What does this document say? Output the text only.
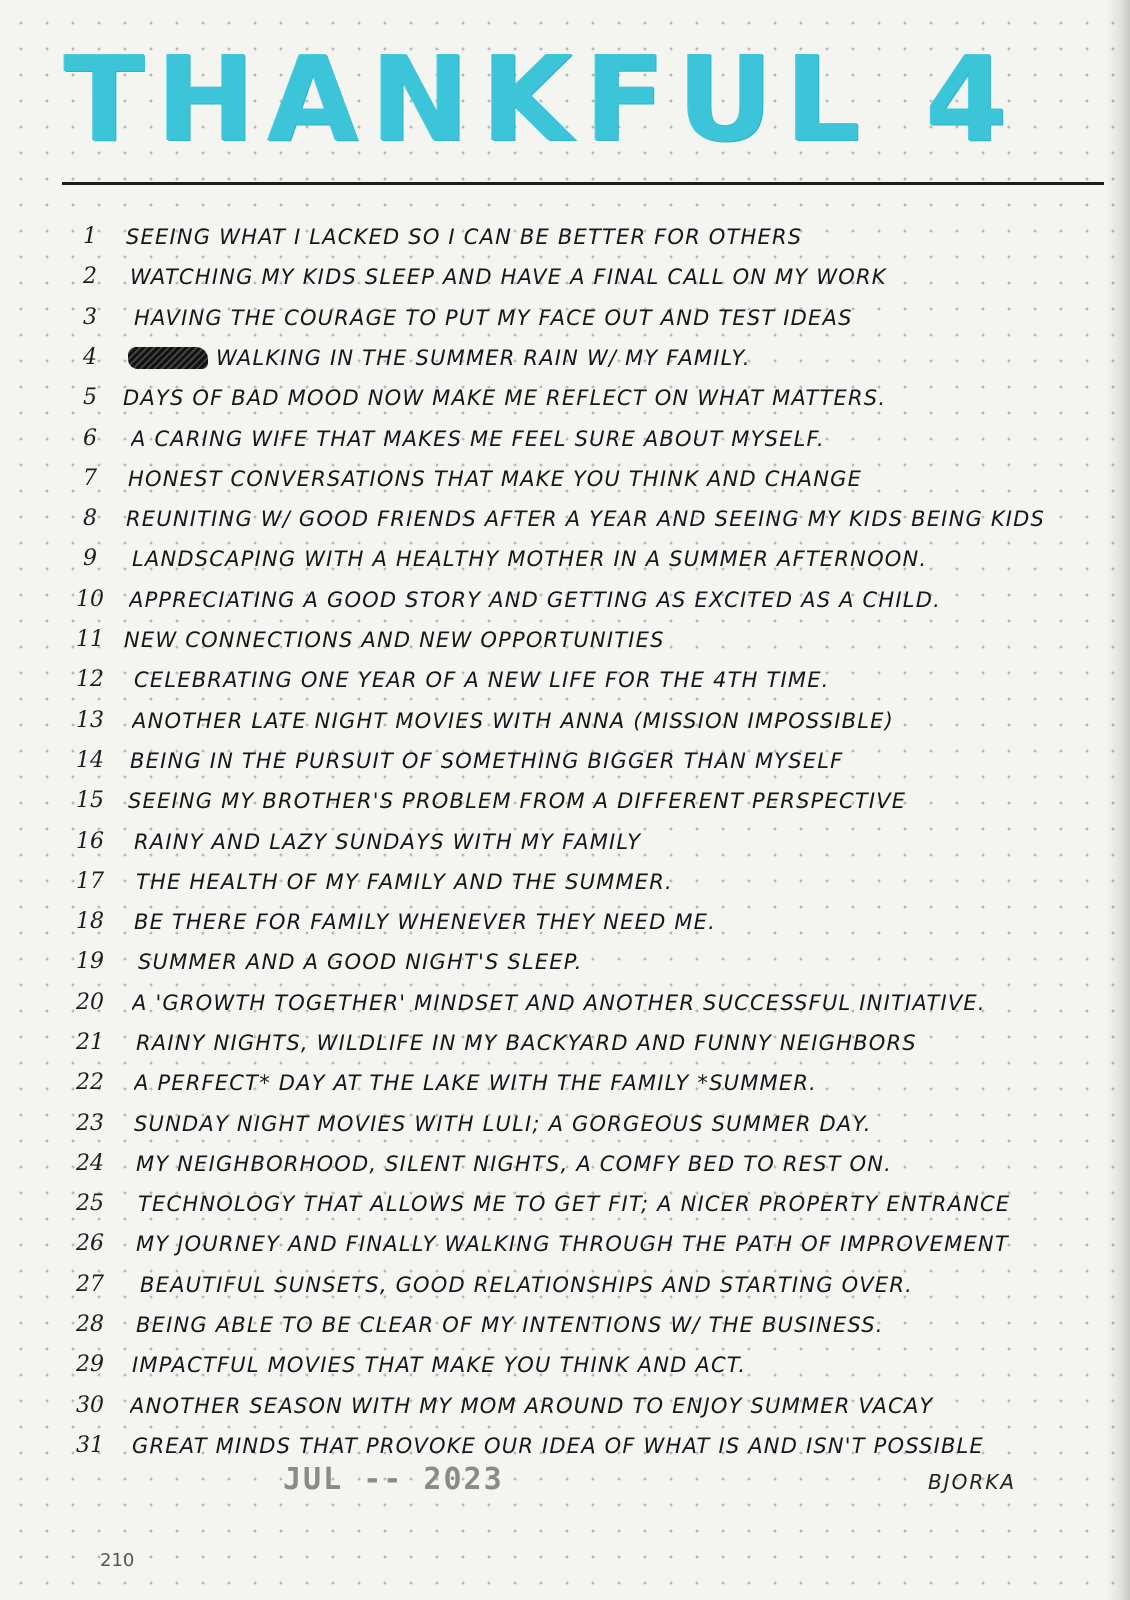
THANKFUL 4
1	SEEING WHAT I LACKED SO I CAN BE BETTER FOR OTHERS
2	WATCHING MY KIDS SLEEP AND HAVE A FINAL CALL ON MY WORK
3	HAVING THE COURAGE TO PUT MY FACE OUT AND TEST IDEAS
4	WALKING IN THE SUMMER RAIN W/ MY FAMILY.
5	DAYS OF BAD MOOD NOW MAKE ME REFLECT ON WHAT MATTERS.
6	A CARING WIFE THAT MAKES ME FEEL SURE ABOUT MYSELF.
7	HONEST CONVERSATIONS THAT MAKE YOU THINK AND CHANGE
8	REUNITING W/ GOOD FRIENDS AFTER A YEAR AND SEEING MY KIDS BEING KIDS
9	LANDSCAPING WITH A HEALTHY MOTHER IN A SUMMER AFTERNOON.
10 APPRECIATING A GOOD STORY AND GETTING AS EXCITED AS A CHILD.
11 NEW CONNECTIONS AND NEW OPPORTUNITIES
12 CELEBRATING ONE YEAR OF A NEW LIFE FOR THE 4TH TIME.
13 ANOTHER LATE NIGHT MOVIES WITH ANNA (MISSION IMPOSSIBLE)
14 BEING IN THE PURSUIT OF SOMETHING BIGGER THAN MYSELF
15 SEEING MY BROTHER'S PROBLEM FROM A DIFFERENT PERSPECTIVE
16 RAINY AND LAZY SUNDAYS WITH MY FAMILY
17 THE HEALTH OF MY FAMILY AND THE SUMMER.
18 BE THERE FOR FAMILY WHENEVER THEY NEED ME.
19 SUMMER AND A GOOD NIGHT'S SLEEP.
20 A 'GROWTH TOGETHER' MINDSET AND ANOTHER SUCCESSFUL INITIATIVE.
21 RAINY NIGHTS, WILDLIFE IN MY BACKYARD AND FUNNY NEIGHBORS
22 A PERFECT* DAY AT THE LAKE WITH THE FAMILY *SUMMER.
23 SUNDAY NIGHT MOVIES WITH LULI; A GORGEOUS SUMMER DAY.
24 MY NEIGHBORHOOD, SILENT NIGHTS, A COMFY BED TO REST ON.
25 TECHNOLOGY THAT ALLOWS ME TO GET FIT; A NICER PROPERTY ENTRANCE
26 MY JOURNEY AND FINALLY WALKING THROUGH THE PATH OF IMPROVEMENT
27 BEAUTIFUL SUNSETS, GOOD RELATIONSHIPS AND STARTING OVER.
28 BEING ABLE TO BE CLEAR OF MY INTENTIONS W/ THE BUSINESS.
29 IMPACTFUL MOVIES THAT MAKE YOU THINK AND ACT.
30 ANOTHER SEASON WITH MY MOM AROUND TO ENJOY SUMMER VACAY
31 GREAT MINDS THAT PROVOKE OUR IDEA OF WHAT IS AND ISN'T POSSIBLE
JUL -- 2023	BJORKA
210
